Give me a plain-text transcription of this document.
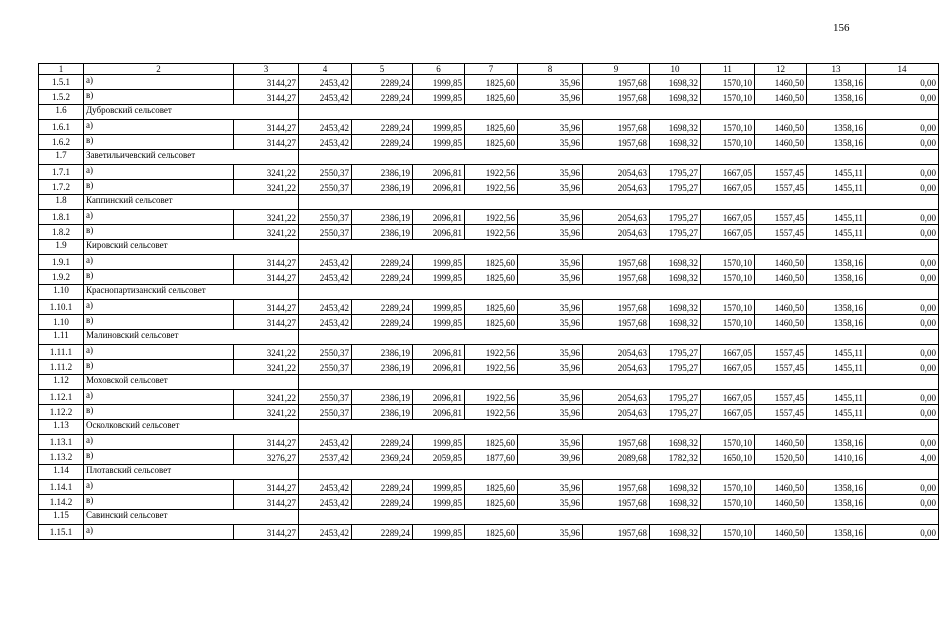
156
1	2	3	4	5	6	7	8	9	10	11	12	13	14
1.5.1	а)	3144,27	2453,42	2289,24	1999,85	1825,60	35,96	1957,68	1698,32	1570,10	1460,50	1358,16	0,00
1.5.2	в)	3144,27	2453,42	2289,24	1999,85	1825,60	35,96	1957,68	1698,32	1570,10	1460,50	1358,16	0,00
1.6	Дубровский сельсовет												
1.6.1	а)	3144,27	2453,42	2289,24	1999,85	1825,60	35,96	1957,68	1698,32	1570,10	1460,50	1358,16	0,00
1.6.2	в)	3144,27	2453,42	2289,24	1999,85	1825,60	35,96	1957,68	1698,32	1570,10	1460,50	1358,16	0,00
1.7	Заветильичевский сельсовет												
1.7.1	а)	3241,22	2550,37	2386,19	2096,81	1922,56	35,96	2054,63	1795,27	1667,05	1557,45	1455,11	0,00
1.7.2	в)	3241,22	2550,37	2386,19	2096,81	1922,56	35,96	2054,63	1795,27	1667,05	1557,45	1455,11	0,00
1.8	Каппинский сельсовет												
1.8.1	а)	3241,22	2550,37	2386,19	2096,81	1922,56	35,96	2054,63	1795,27	1667,05	1557,45	1455,11	0,00
1.8.2	в)	3241,22	2550,37	2386,19	2096,81	1922,56	35,96	2054,63	1795,27	1667,05	1557,45	1455,11	0,00
1.9	Кировский сельсовет												
1.9.1	а)	3144,27	2453,42	2289,24	1999,85	1825,60	35,96	1957,68	1698,32	1570,10	1460,50	1358,16	0,00
1.9.2	в)	3144,27	2453,42	2289,24	1999,85	1825,60	35,96	1957,68	1698,32	1570,10	1460,50	1358,16	0,00
1.10	Краснопартизанский сельсовет												
1.10.1	а)	3144,27	2453,42	2289,24	1999,85	1825,60	35,96	1957,68	1698,32	1570,10	1460,50	1358,16	0,00
1.10	в)	3144,27	2453,42	2289,24	1999,85	1825,60	35,96	1957,68	1698,32	1570,10	1460,50	1358,16	0,00
1.11	Малиновский сельсовет												
1.11.1	а)	3241,22	2550,37	2386,19	2096,81	1922,56	35,96	2054,63	1795,27	1667,05	1557,45	1455,11	0,00
1.11.2	в)	3241,22	2550,37	2386,19	2096,81	1922,56	35,96	2054,63	1795,27	1667,05	1557,45	1455,11	0,00
1.12	Моховской сельсовет												
1.12.1	а)	3241,22	2550,37	2386,19	2096,81	1922,56	35,96	2054,63	1795,27	1667,05	1557,45	1455,11	0,00
1.12.2	в)	3241,22	2550,37	2386,19	2096,81	1922,56	35,96	2054,63	1795,27	1667,05	1557,45	1455,11	0,00
1.13	Осколковский сельсовет												
1.13.1	а)	3144,27	2453,42	2289,24	1999,85	1825,60	35,96	1957,68	1698,32	1570,10	1460,50	1358,16	0,00
1.13.2	в)	3276,27	2537,42	2369,24	2059,85	1877,60	39,96	2089,68	1782,32	1650,10	1520,50	1410,16	4,00
1.14	Плотавский сельсовет												
1.14.1	а)	3144,27	2453,42	2289,24	1999,85	1825,60	35,96	1957,68	1698,32	1570,10	1460,50	1358,16	0,00
1.14.2	в)	3144,27	2453,42	2289,24	1999,85	1825,60	35,96	1957,68	1698,32	1570,10	1460,50	1358,16	0,00
1.15	Савинский сельсовет												
1.15.1	а)	3144,27	2453,42	2289,24	1999,85	1825,60	35,96	1957,68	1698,32	1570,10	1460,50	1358,16	0,00
